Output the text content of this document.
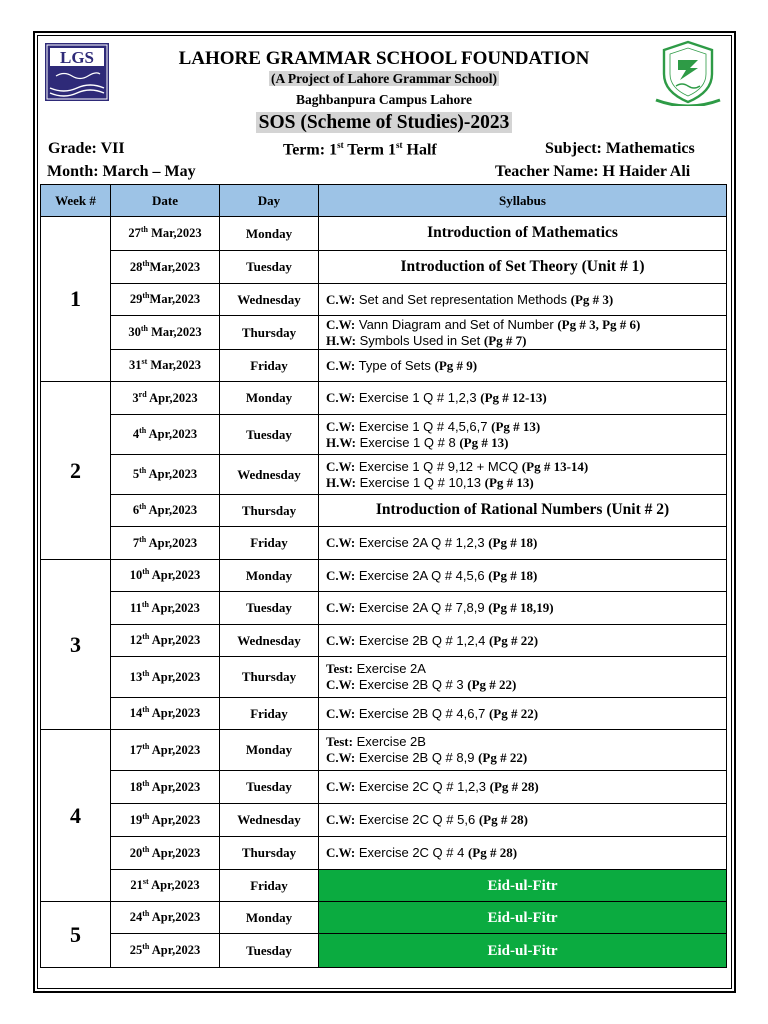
LGS	LAHORE GRAMMAR SCHOOL FOUNDATION
(A Project of Lahore Grammar School)
Baghbanpura Campus Lahore
SOS (Scheme of Studies)-2023
Grade: VII	Term: 1st Term 1st Half	Subject: Mathematics
Month: March – May	Teacher Name: H Haider Ali
Week #	Date	Day	Syllabus
1	27th Mar,2023	Monday	Introduction of Mathematics
	28thMar,2023	Tuesday	Introduction of Set Theory (Unit # 1)
	29thMar,2023	Wednesday	C.W: Set and Set representation Methods (Pg # 3)

	30th Mar,2023	Thursday	C.W: Vann Diagram and Set of Number (Pg # 3, Pg # 6)
H.W: Symbols Used in Set (Pg # 7)

	31st Mar,2023	Friday	C.W: Type of Sets (Pg # 9)

2	3rd Apr,2023	Monday	C.W: Exercise 1 Q # 1,2,3 (Pg # 12-13)

	4th Apr,2023	Tuesday	C.W: Exercise 1 Q # 4,5,6,7 (Pg # 13)
H.W: Exercise 1 Q # 8 (Pg # 13)

	5th Apr,2023	Wednesday	C.W: Exercise 1 Q # 9,12 + MCQ (Pg # 13-14)
H.W: Exercise 1 Q # 10,13 (Pg # 13)

	6th Apr,2023	Thursday	Introduction of Rational Numbers (Unit # 2)
	7th Apr,2023	Friday	C.W: Exercise 2A Q # 1,2,3 (Pg # 18)

3	10th Apr,2023	Monday	C.W: Exercise 2A Q # 4,5,6 (Pg # 18)

	11th Apr,2023	Tuesday	C.W: Exercise 2A Q # 7,8,9 (Pg # 18,19)

	12th Apr,2023	Wednesday	C.W: Exercise 2B Q # 1,2,4 (Pg # 22)

	13th Apr,2023	Thursday	Test: Exercise 2A
C.W: Exercise 2B Q # 3 (Pg # 22)

	14th Apr,2023	Friday	C.W: Exercise 2B Q # 4,6,7 (Pg # 22)

4	17th Apr,2023	Monday	Test: Exercise 2B
C.W: Exercise 2B Q # 8,9 (Pg # 22)

	18th Apr,2023	Tuesday	C.W: Exercise 2C Q # 1,2,3 (Pg # 28)

	19th Apr,2023	Wednesday	C.W: Exercise 2C Q # 5,6 (Pg # 28)

	20th Apr,2023	Thursday	C.W: Exercise 2C Q # 4 (Pg # 28)

	21st Apr,2023	Friday	Eid-ul-Fitr
5	24th Apr,2023	Monday	Eid-ul-Fitr
	25th Apr,2023	Tuesday	Eid-ul-Fitr
